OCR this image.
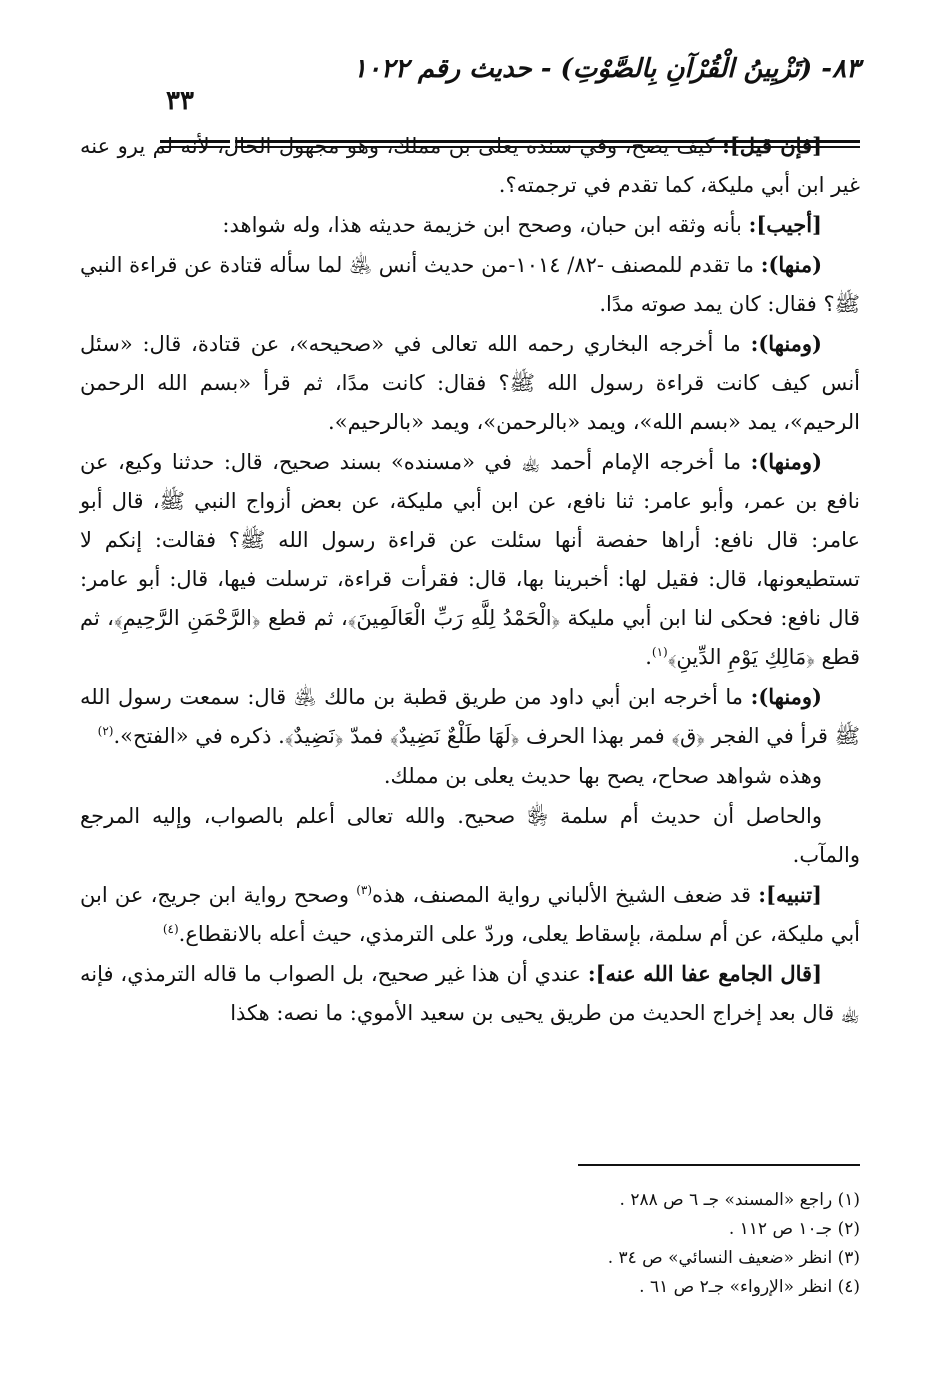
٨٣- (تَزْيِينُ الْقُرْآنِ بِالصَّوْتِ) - حديث رقم ١٠٢٢
٣٣

[فإن قيل]: كيف يصح، وفي سنده يعلى بن مملك، وهو مجهول الحال، لأنه لم يرو عنه غير ابن أبي مليكة، كما تقدم في ترجمته؟.

[أجيب]: بأنه وثقه ابن حبان، وصحح ابن خزيمة حديثه هذا، وله شواهد:

(منها): ما تقدم للمصنف -٨٢/ ١٠١٤-من حديث أنس ﵁ لما سأله قتادة عن قراءة النبي ﷺ؟ فقال: كان يمد صوته مدًا.

(ومنها): ما أخرجه البخاري رحمه الله تعالى في «صحيحه»، عن قتادة، قال: «سئل أنس كيف كانت قراءة رسول الله ﷺ؟ فقال: كانت مدًا، ثم قرأ «بسم الله الرحمن الرحيم»، يمد «بسم الله»، ويمد «بالرحمن»، ويمد «بالرحيم».

(ومنها): ما أخرجه الإمام أحمد ﵀ في «مسنده» بسند صحيح، قال: حدثنا وكيع، عن نافع بن عمر، وأبو عامر: ثنا نافع، عن ابن أبي مليكة، عن بعض أزواج النبي ﷺ، قال أبو عامر: قال نافع: أراها حفصة أنها سئلت عن قراءة رسول الله ﷺ؟ فقالت: إنكم لا تستطيعونها، قال: فقيل لها: أخبرينا بها، قال: فقرأت قراءة، ترسلت فيها، قال: أبو عامر: قال نافع: فحكى لنا ابن أبي مليكة ﴿الْحَمْدُ لِلَّهِ رَبِّ الْعَالَمِينَ﴾، ثم قطع ﴿الرَّحْمَنِ الرَّحِيمِ﴾، ثم قطع ﴿مَالِكِ يَوْمِ الدِّينِ﴾$^{(١)}$.

(ومنها): ما أخرجه ابن أبي داود من طريق قطبة بن مالك ﵁ قال: سمعت رسول الله ﷺ قرأ في الفجر ﴿ق﴾ فمر بهذا الحرف ﴿لَهَا طَلْعٌ نَضِيدٌ﴾ فمدّ ﴿نَضِيدٌ﴾. ذكره في «الفتح».$^{(٢)}$

وهذه شواهد صحاح، يصح بها حديث يعلى بن مملك.

والحاصل أن حديث أم سلمة ﵂ صحيح. والله تعالى أعلم بالصواب، وإليه المرجع والمآب.

[تنبيه]: قد ضعف الشيخ الألباني رواية المصنف، هذه$^{(٣)}$ وصحح رواية ابن جريج، عن ابن أبي مليكة، عن أم سلمة، بإسقاط يعلى، وردّ على الترمذي، حيث أعله بالانقطاع.$^{(٤)}$

[قال الجامع عفا الله عنه]: عندي أن هذا غير صحيح، بل الصواب ما قاله الترمذي، فإنه ﵀ قال بعد إخراج الحديث من طريق يحيى بن سعيد الأموي: ما نصه: هكذا

(١) راجع «المسند» جـ ٦ ص ٢٨٨ .

(٢) جـ١٠ ص ١١٢ .

(٣) انظر «ضعيف النسائي» ص ٣٤ .

(٤) انظر «الإرواء» جـ٢ ص ٦١ .
